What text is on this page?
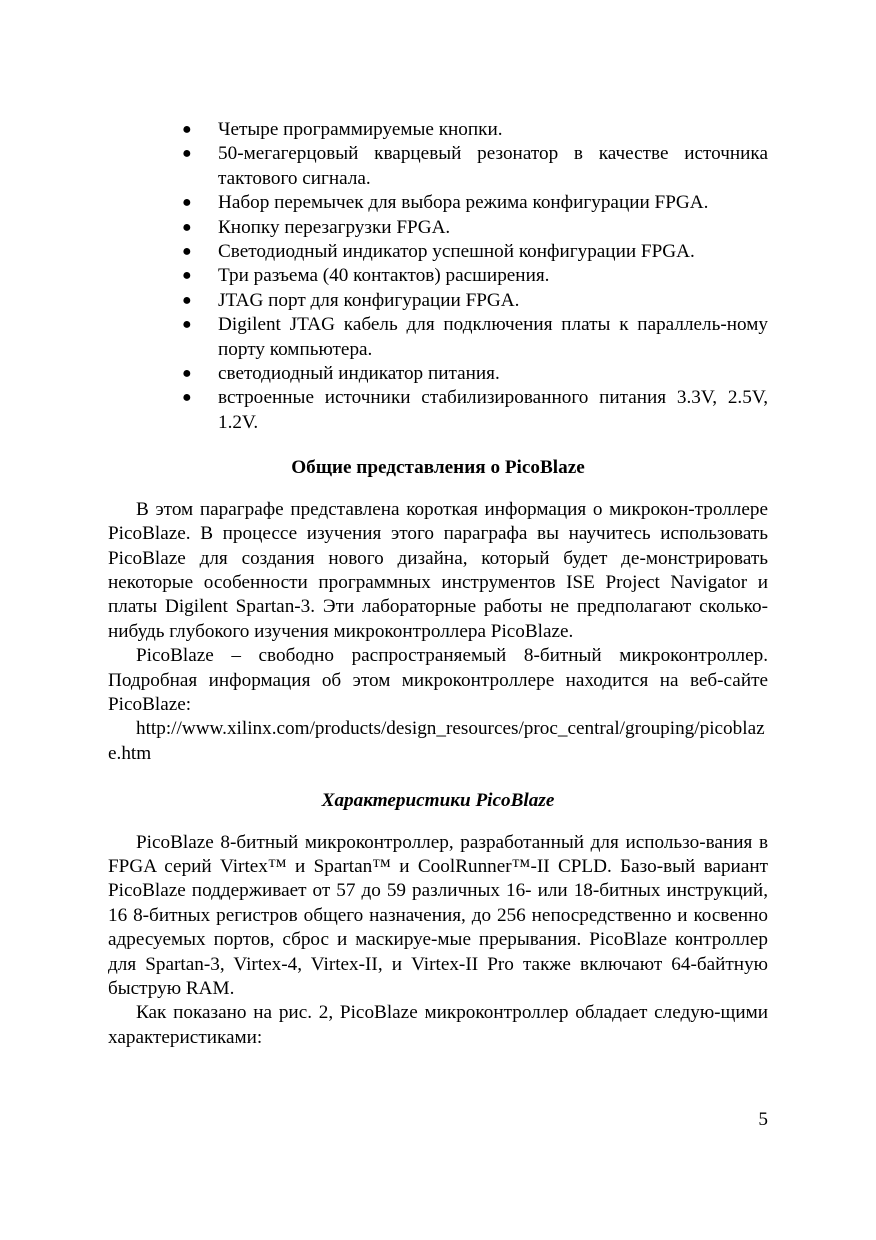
● Четыре программируемые кнопки.
● 50-мегагерцовый кварцевый резонатор в качестве источника тактового сигнала.
● Набор перемычек для выбора режима конфигурации FPGA.
● Кнопку перезагрузки FPGA.
● Светодиодный индикатор успешной конфигурации FPGA.
● Три разъема (40 контактов) расширения.
● JTAG порт для конфигурации FPGA.
● Digilent JTAG кабель для подключения платы к параллель-ному порту компьютера.
● светодиодный индикатор питания.
● встроенные источники стабилизированного питания 3.3V, 2.5V, 1.2V.
Общие представления о PicoBlaze

В этом параграфе представлена короткая информация о микрокон-троллере PicoBlaze. В процессе изучения этого параграфа вы научитесь использовать PicoBlaze для создания нового дизайна, который будет де-монстрировать некоторые особенности программных инструментов ISE Project Navigator и платы Digilent Spartan-3. Эти лабораторные работы не предполагают сколько-нибудь глубокого изучения микроконтроллера PicoBlaze.

PicoBlaze – свободно распространяемый 8-битный микроконтроллер. Подробная информация об этом микроконтроллере находится на веб-сайте PicoBlaze:

http://www.xilinx.com/products/design_resources/proc_central/grouping/picoblaze.htm

Характеристики PicoBlaze

PicoBlaze 8-битный микроконтроллер, разработанный для использо-вания в FPGA серий Virtex™ и Spartan™ и CoolRunner™-II CPLD. Базо-вый вариант PicoBlaze поддерживает от 57 до 59 различных 16- или 18-битных инструкций, 16 8-битных регистров общего назначения, до 256 непосредственно и косвенно адресуемых портов, сброс и маскируе-мые прерывания. PicoBlaze контроллер для Spartan-3, Virtex-4, Virtex-II, и Virtex-II Pro также включают 64-байтную быструю RAM.

Как показано на рис. 2, PicoBlaze микроконтроллер обладает следую-щими характеристиками:

5
